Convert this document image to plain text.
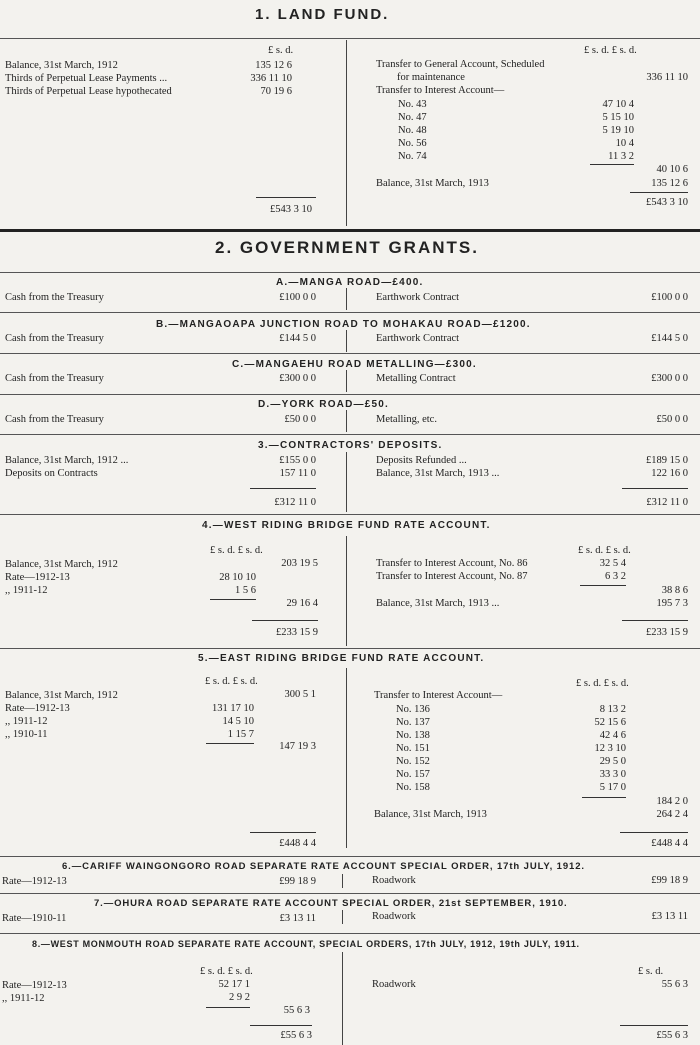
1. LAND FUND.
£ s. d.	£ s. d. £ s. d.
Balance, 31st March, 1912	135 12 6
Thirds of Perpetual Lease Payments ...	336 11 10
Thirds of Perpetual Lease hypothecated	70 19 6
£543 3 10
Transfer to General Account, Scheduled
for maintenance	336 11 10
Transfer to Interest Account—
No. 43	47 10 4
No. 47	5 15 10
No. 48	5 19 10
No. 56	10 4
No. 74	11 3 2
40 10 6
Balance, 31st March, 1913	135 12 6
£543 3 10
2. GOVERNMENT GRANTS.
A.—MANGA ROAD—£400.
Cash from the Treasury	£100 0 0	Earthwork Contract	£100 0 0
B.—MANGAOAPA JUNCTION ROAD TO MOHAKAU ROAD—£1200.
Cash from the Treasury	£144 5 0	Earthwork Contract	£144 5 0
C.—MANGAEHU ROAD METALLING—£300.
Cash from the Treasury	£300 0 0	Metalling Contract	£300 0 0
D.—YORK ROAD—£50.
Cash from the Treasury	£50 0 0	Metalling, etc.	£50 0 0
3.—CONTRACTORS' DEPOSITS.
Balance, 31st March, 1912 ...	£155 0 0
Deposits on Contracts	157 11 0
£312 11 0
Deposits Refunded ...	£189 15 0
Balance, 31st March, 1913 ...	122 16 0
£312 11 0
4.—WEST RIDING BRIDGE FUND RATE ACCOUNT.
£ s. d. £ s. d.
Balance, 31st March, 1912	203 19 5
Rate—1912-13	28 10 10
,, 1911-12	1 5 6
29 16 4
£233 15 9
£ s. d. £ s. d.
Transfer to Interest Account, No. 86	32 5 4
Transfer to Interest Account, No. 87	6 3 2
38 8 6
Balance, 31st March, 1913 ...	195 7 3
£233 15 9
5.—EAST RIDING BRIDGE FUND RATE ACCOUNT.
£ s. d. £ s. d.
Balance, 31st March, 1912	300 5 1
Rate—1912-13	131 17 10
,, 1911-12	14 5 10
,, 1910-11	1 15 7
147 19 3
£448 4 4
£ s. d. £ s. d.
Transfer to Interest Account—
No. 136	8 13 2
No. 137	52 15 6
No. 138	42 4 6
No. 151	12 3 10
No. 152	29 5 0
No. 157	33 3 0
No. 158	5 17 0
184 2 0
Balance, 31st March, 1913	264 2 4
£448 4 4
6.—CARIFF WAINGONGORO ROAD SEPARATE RATE ACCOUNT SPECIAL ORDER, 17th JULY, 1912.
Rate—1912-13	£99 18 9	Roadwork	£99 18 9
7.—OHURA ROAD SEPARATE RATE ACCOUNT SPECIAL ORDER, 21st SEPTEMBER, 1910.
Rate—1910-11	£3 13 11	Roadwork	£3 13 11
8.—WEST MONMOUTH ROAD SEPARATE RATE ACCOUNT, SPECIAL ORDERS, 17th JULY, 1912, 19th JULY, 1911.
£ s. d. £ s. d.
Rate—1912-13	52 17 1
,, 1911-12	2 9 2
55 6 3
£55 6 3
£ s. d.
Roadwork	55 6 3
£55 6 3
